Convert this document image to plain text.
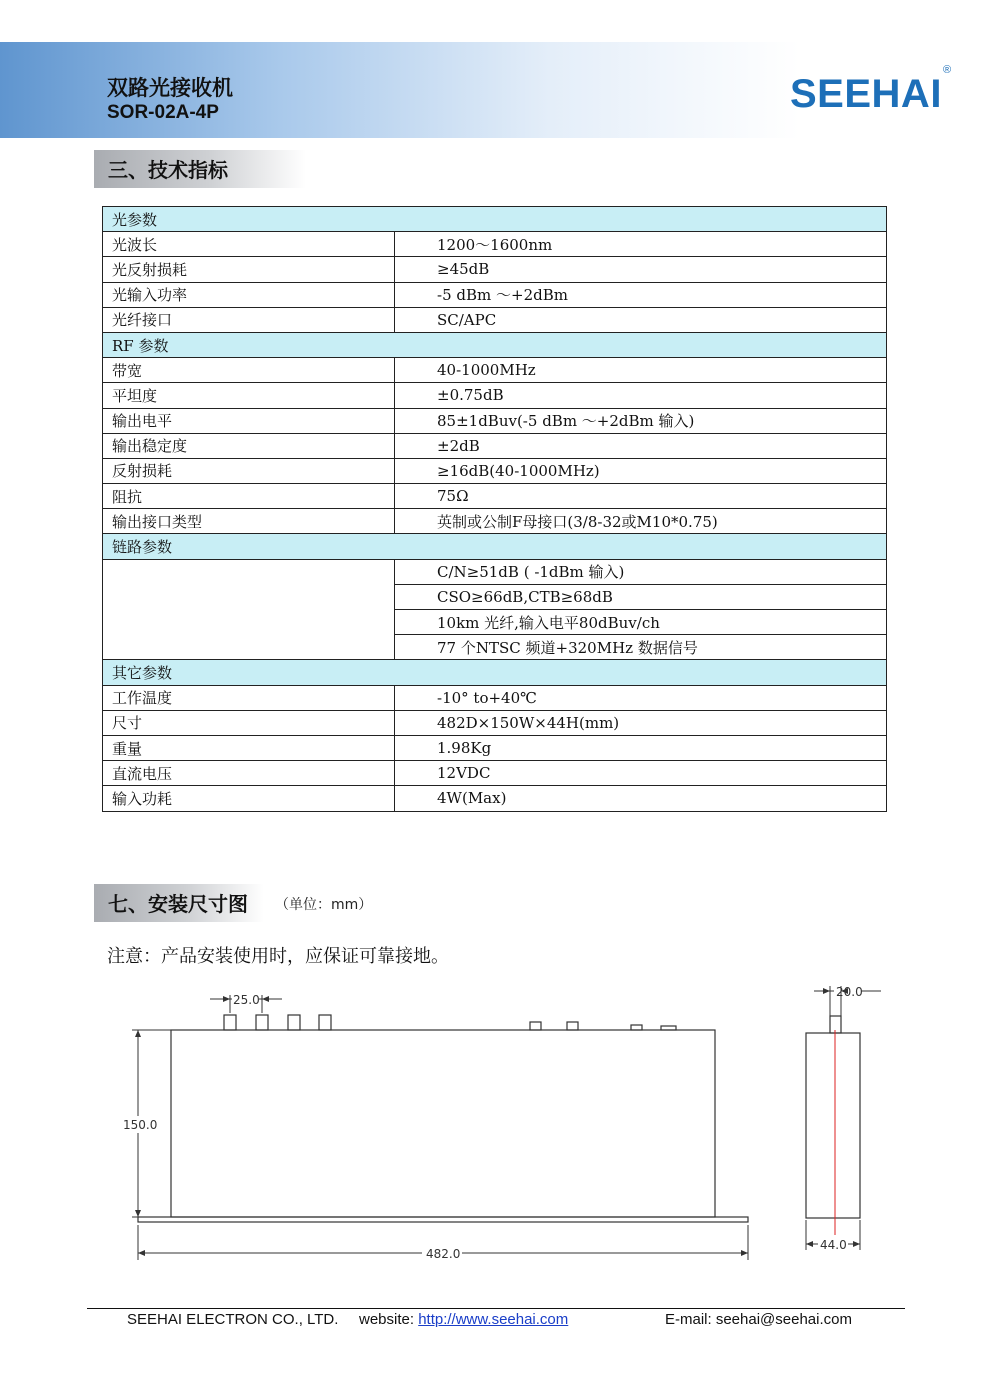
双路光接收机
SOR-02A-4P	SEEHAI
®
三、技术指标
光参数	
光波长	1200～1600nm
光反射损耗	≥45dB
光输入功率	-5 dBm ～+2dBm
光纤接口	SC/APC
RF 参数	
带宽	40-1000MHz
平坦度	±0.75dB
输出电平	85±1dBuv(-5 dBm ～+2dBm 输入)
输出稳定度	±2dB
反射损耗	≥16dB(40-1000MHz)
阻抗	75Ω
输出接口类型	英制或公制F母接口(3/8-32或M10*0.75)
链路参数	
	C/N≥51dB ( -1dBm 输入)
	CSO≥66dB,CTB≥68dB
	10km 光纤,输入电平80dBuv/ch
	77 个NTSC 频道+320MHz 数据信号
其它参数	
工作温度	-10° to+40℃
尺寸	482D×150W×44H(mm)
重量	1.98Kg
直流电压	12VDC
输入功耗	4W(Max)
七、安装尺寸图 （单位：mm）
注意：产品安装使用时，应保证可靠接地。
25.0
150.0
482.0
20.0
44.0
SEEHAI ELECTRON CO., LTD. website: http://www.seehai.com	E-mail: seehai@seehai.com
